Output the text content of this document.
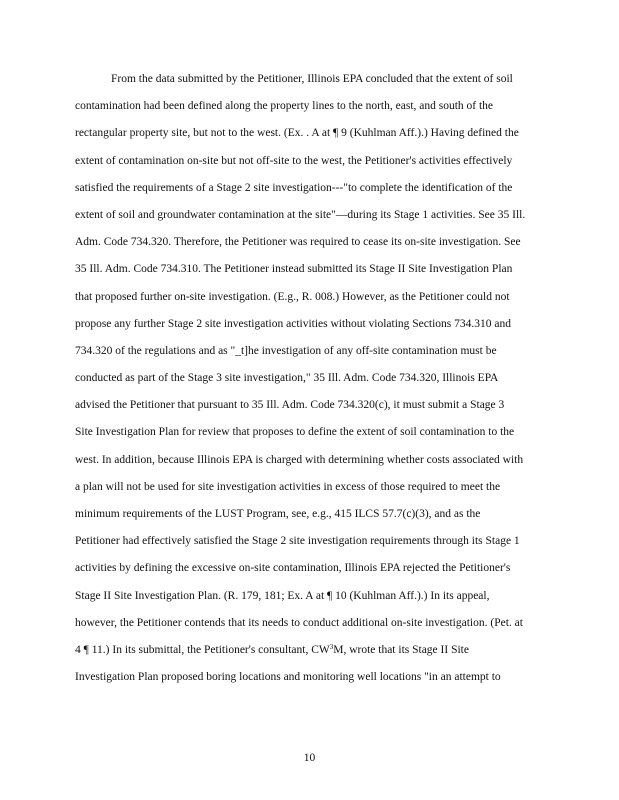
From the data submitted by the Petitioner, Illinois EPA concluded that the extent of soil
contamination had been defined along the property lines to the north, east, and south of the
rectangular property site, but not to the west. (Ex. . A at ¶ 9 (Kuhlman Aff.).) Having defined the
extent of contamination on-site but not off-site to the west, the Petitioner's activities effectively
satisfied the requirements of a Stage 2 site investigation---"to complete the identification of the
extent of soil and groundwater contamination at the site"—during its Stage 1 activities. See 35 Ill.
Adm. Code 734.320. Therefore, the Petitioner was required to cease its on-site investigation. See
35 Ill. Adm. Code 734.310. The Petitioner instead submitted its Stage II Site Investigation Plan
that proposed further on-site investigation. (E.g., R. 008.) However, as the Petitioner could not
propose any further Stage 2 site investigation activities without violating Sections 734.310 and
734.320 of the regulations and as "_t]he investigation of any off-site contamination must be
conducted as part of the Stage 3 site investigation," 35 Ill. Adm. Code 734.320, Illinois EPA
advised the Petitioner that pursuant to 35 Ill. Adm. Code 734.320(c), it must submit a Stage 3
Site Investigation Plan for review that proposes to define the extent of soil contamination to the
west. In addition, because Illinois EPA is charged with determining whether costs associated with
a plan will not be used for site investigation activities in excess of those required to meet the
minimum requirements of the LUST Program, see, e.g., 415 ILCS 57.7(c)(3), and as the
Petitioner had effectively satisfied the Stage 2 site investigation requirements through its Stage 1
activities by defining the excessive on-site contamination, Illinois EPA rejected the Petitioner's
Stage II Site Investigation Plan. (R. 179, 181; Ex. A at ¶ 10 (Kuhlman Aff.).) In its appeal,
however, the Petitioner contends that its needs to conduct additional on-site investigation. (Pet. at
4 ¶ 11.) In its submittal, the Petitioner's consultant, $CW^3M$, wrote that its Stage II Site
Investigation Plan proposed boring locations and monitoring well locations "in an attempt to
10
